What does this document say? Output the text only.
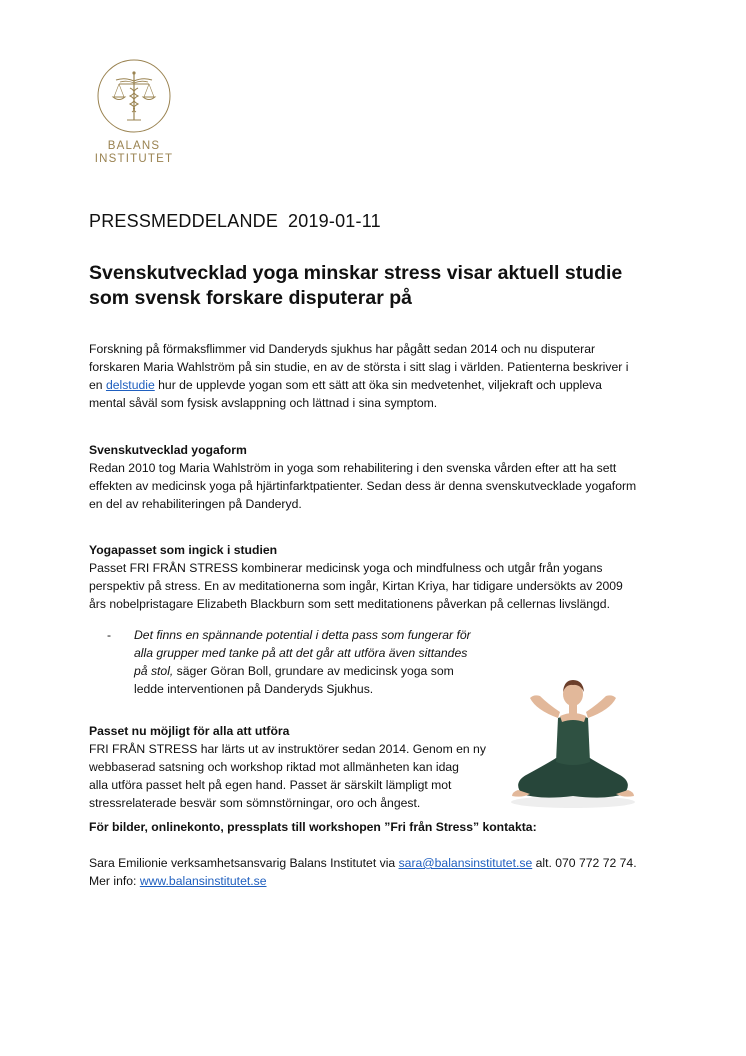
BALANS
INSTITUTET
PRESSMEDDELANDE 2019-01-11
Svenskutvecklad yoga minskar stress visar aktuell studie
som svensk forskare disputerar på
Forskning på förmaksflimmer vid Danderyds sjukhus har pågått sedan 2014 och nu disputerar
forskaren Maria Wahlström på sin studie, en av de största i sitt slag i världen. Patienterna beskriver i
en delstudie hur de upplevde yogan som ett sätt att öka sin medvetenhet, viljekraft och uppleva
mental såväl som fysisk avslappning och lättnad i sina symptom.
Svenskutvecklad yogaform
Redan 2010 tog Maria Wahlström in yoga som rehabilitering i den svenska vården efter att ha sett
effekten av medicinsk yoga på hjärtinfarktpatienter. Sedan dess är denna svenskutvecklade yogaform
en del av rehabiliteringen på Danderyd.
Yogapasset som ingick i studien
Passet FRI FRÅN STRESS kombinerar medicinsk yoga och mindfulness och utgår från yogans
perspektiv på stress. En av meditationerna som ingår, Kirtan Kriya, har tidigare undersökts av 2009
års nobelpristagare Elizabeth Blackburn som sett meditationens påverkan på cellernas livslängd.
- Det finns en spännande potential i detta pass som fungerar för
alla grupper med tanke på att det går att utföra även sittandes
på stol, säger Göran Boll, grundare av medicinsk yoga som
ledde interventionen på Danderyds Sjukhus.
Passet nu möjligt för alla att utföra
FRI FRÅN STRESS har lärts ut av instruktörer sedan 2014. Genom en ny
webbaserad satsning och workshop riktad mot allmänheten kan idag
alla utföra passet helt på egen hand. Passet är särskilt lämpligt mot
stressrelaterade besvär som sömnstörningar, oro och ångest.
För bilder, onlinekonto, pressplats till workshopen ”Fri från Stress” kontakta:
Sara Emilionie verksamhetsansvarig Balans Institutet via sara@balansinstitutet.se alt. 070 772 72 74.
Mer info: www.balansinstitutet.se
